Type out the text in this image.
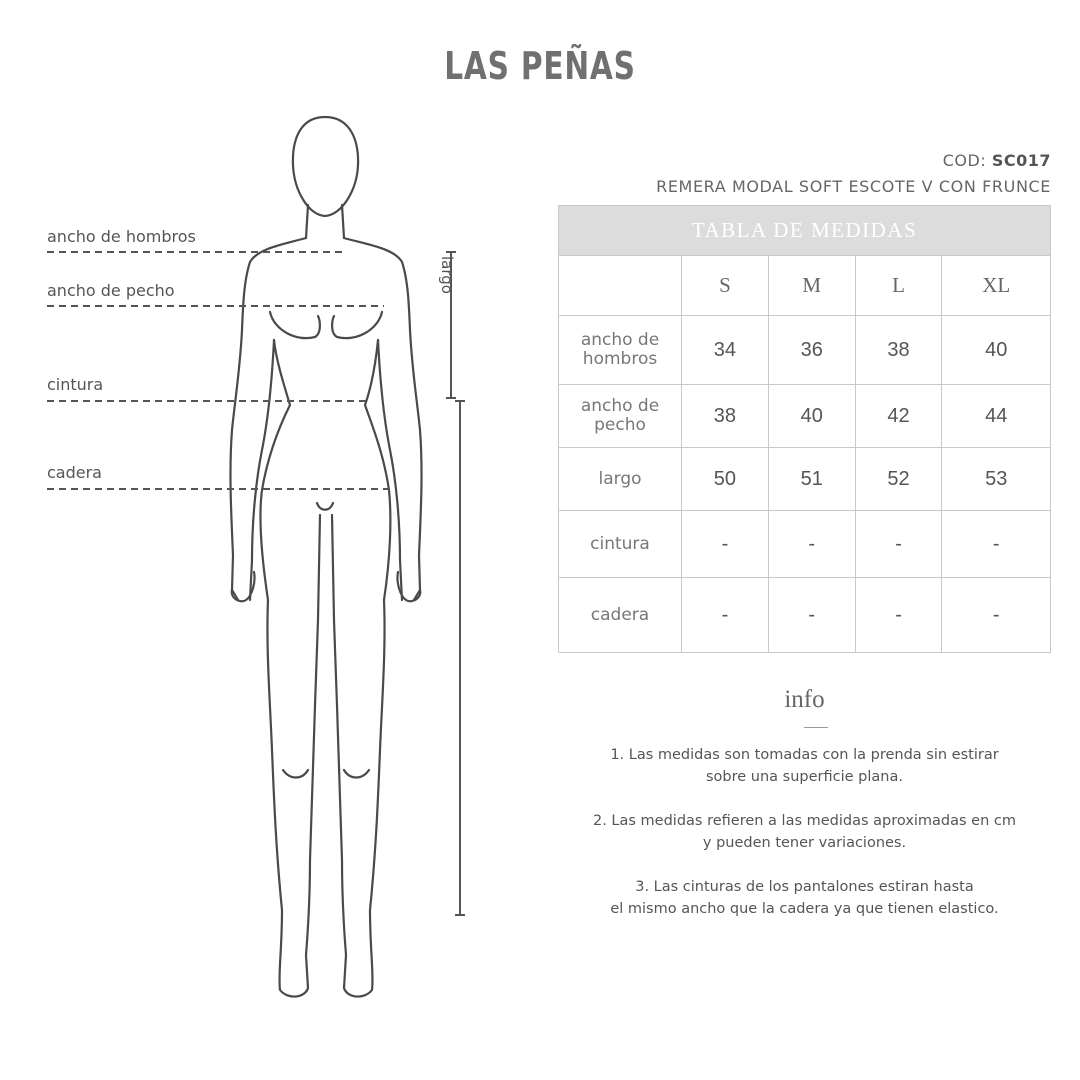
LAS PEÑAS
ancho de hombros
ancho de pecho
cintura
cadera
largo
COD: SC017
REMERA MODAL SOFT ESCOTE V CON FRUNCE
TABLA DE MEDIDAS				
	S	M	L	XL
ancho de hombros	34	36	38	40
ancho de pecho	38	40	42	44
largo	50	51	52	53
cintura	-	-	-	-
cadera	-	-	-	-
info
1. Las medidas son tomadas con la prenda sin estirar
sobre una superficie plana.
2. Las medidas refieren a las medidas aproximadas en cm
y pueden tener variaciones.
3. Las cinturas de los pantalones estiran hasta
el mismo ancho que la cadera ya que tienen elastico.
